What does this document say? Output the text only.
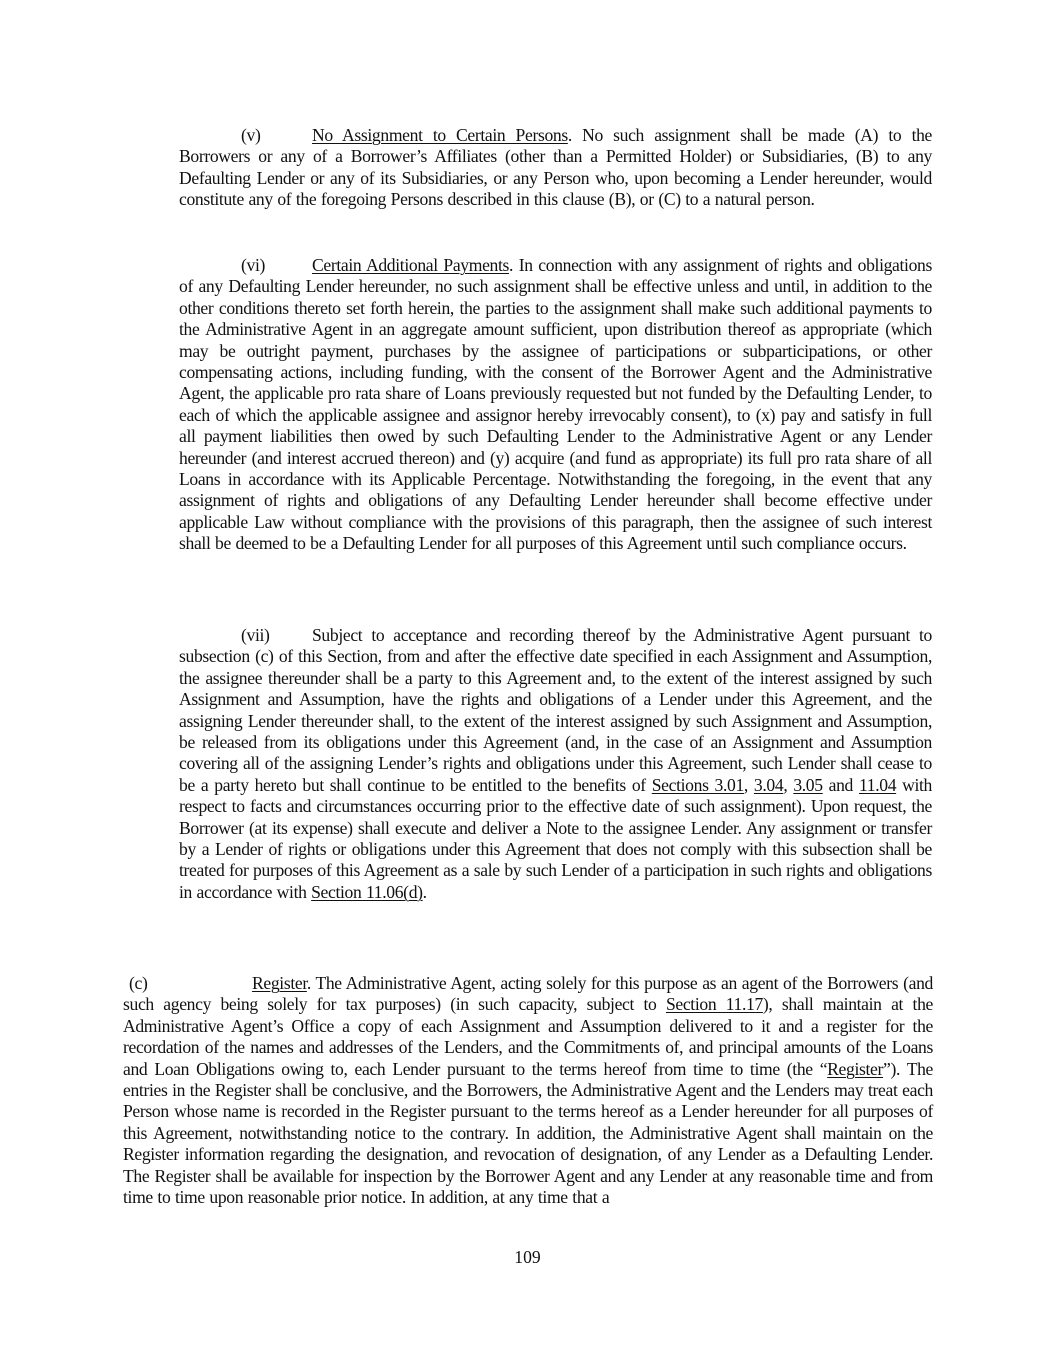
(v)	No Assignment to Certain Persons. No such assignment shall be made (A) to the Borrowers or any of a Borrower’s Affiliates (other than a Permitted Holder) or Subsidiaries, (B) to any Defaulting Lender or any of its Subsidiaries, or any Person who, upon becoming a Lender hereunder, would constitute any of the foregoing Persons described in this clause (B), or (C) to a natural person.

(vi)	Certain Additional Payments. In connection with any assignment of rights and obligations of any Defaulting Lender hereunder, no such assignment shall be effective unless and until, in addition to the other conditions thereto set forth herein, the parties to the assignment shall make such additional payments to the Administrative Agent in an aggregate amount sufficient, upon distribution thereof as appropriate (which may be outright payment, purchases by the assignee of participations or subparticipations, or other compensating actions, including funding, with the consent of the Borrower Agent and the Administrative Agent, the applicable pro rata share of Loans previously requested but not funded by the Defaulting Lender, to each of which the applicable assignee and assignor hereby irrevocably consent), to (x) pay and satisfy in full all payment liabilities then owed by such Defaulting Lender to the Administrative Agent or any Lender hereunder (and interest accrued thereon) and (y) acquire (and fund as appropriate) its full pro rata share of all Loans in accordance with its Applicable Percentage. Notwithstanding the foregoing, in the event that any assignment of rights and obligations of any Defaulting Lender hereunder shall become effective under applicable Law without compliance with the provisions of this paragraph, then the assignee of such interest shall be deemed to be a Defaulting Lender for all purposes of this Agreement until such compliance occurs.

(vii) Subject to acceptance and recording thereof by the Administrative Agent pursuant to subsection (c) of this Section, from and after the effective date specified in each Assignment and Assumption, the assignee thereunder shall be a party to this Agreement and, to the extent of the interest assigned by such Assignment and Assumption, have the rights and obligations of a Lender under this Agreement, and the assigning Lender thereunder shall, to the extent of the interest assigned by such Assignment and Assumption, be released from its obligations under this Agreement (and, in the case of an Assignment and Assumption covering all of the assigning Lender’s rights and obligations under this Agreement, such Lender shall cease to be a party hereto but shall continue to be entitled to the benefits of Sections 3.01, 3.04, 3.05 and 11.04 with respect to facts and circumstances occurring prior to the effective date of such assignment). Upon request, the Borrower (at its expense) shall execute and deliver a Note to the assignee Lender. Any assignment or transfer by a Lender of rights or obligations under this Agreement that does not comply with this subsection shall be treated for purposes of this Agreement as a sale by such Lender of a participation in such rights and obligations in accordance with Section 11.06(d).

(c)	Register. The Administrative Agent, acting solely for this purpose as an agent of the Borrowers (and such agency being solely for tax purposes) (in such capacity, subject to Section 11.17), shall maintain at the Administrative Agent’s Office a copy of each Assignment and Assumption delivered to it and a register for the recordation of the names and addresses of the Lenders, and the Commitments of, and principal amounts of the Loans and Loan Obligations owing to, each Lender pursuant to the terms hereof from time to time (the “Register”). The entries in the Register shall be conclusive, and the Borrowers, the Administrative Agent and the Lenders may treat each Person whose name is recorded in the Register pursuant to the terms hereof as a Lender hereunder for all purposes of this Agreement, notwithstanding notice to the contrary. In addition, the Administrative Agent shall maintain on the Register information regarding the designation, and revocation of designation, of any Lender as a Defaulting Lender. The Register shall be available for inspection by the Borrower Agent and any Lender at any reasonable time and from time to time upon reasonable prior notice. In addition, at any time that a

109
